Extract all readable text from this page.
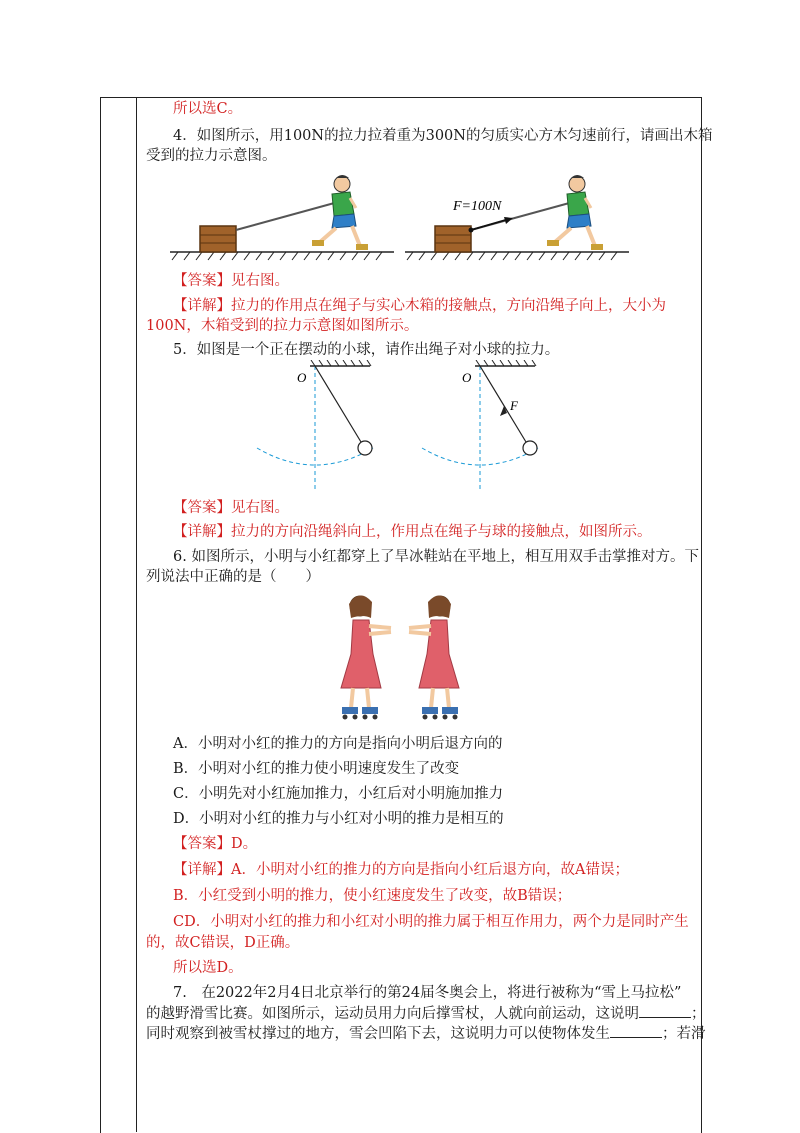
所以选C。
4．如图所示，用100N的拉力拉着重为300N的匀质实心方木匀速前行，请画出木箱
受到的拉力示意图。
F=100N
【答案】见右图。
【详解】拉力的作用点在绳子与实心木箱的接触点，方向沿绳子向上，大小为
100N，木箱受到的拉力示意图如图所示。
5．如图是一个正在摆动的小球，请作出绳子对小球的拉力。
O	O
F
【答案】见右图。
【详解】拉力的方向沿绳斜向上，作用点在绳子与球的接触点，如图所示。
6. 如图所示，小明与小红都穿上了旱冰鞋站在平地上，相互用双手击掌推对方。下
列说法中正确的是（　　）
A．小明对小红的推力的方向是指向小明后退方向的
B．小明对小红的推力使小明速度发生了改变
C．小明先对小红施加推力，小红后对小明施加推力
D．小明对小红的推力与小红对小明的推力是相互的
【答案】D。
【详解】A．小明对小红的推力的方向是指向小红后退方向，故A错误；
B．小红受到小明的推力，使小红速度发生了改变，故B错误；
CD．小明对小红的推力和小红对小明的推力属于相互作用力，两个力是同时产生
的，故C错误，D正确。
所以选D。
7.　在2022年2月4日北京举行的第24届冬奥会上，将进行被称为“雪上马拉松”
的越野滑雪比赛。如图所示，运动员用力向后撑雪杖，人就向前运动，这说明	；
同时观察到被雪杖撑过的地方，雪会凹陷下去，这说明力可以使物体发生	；若滑
